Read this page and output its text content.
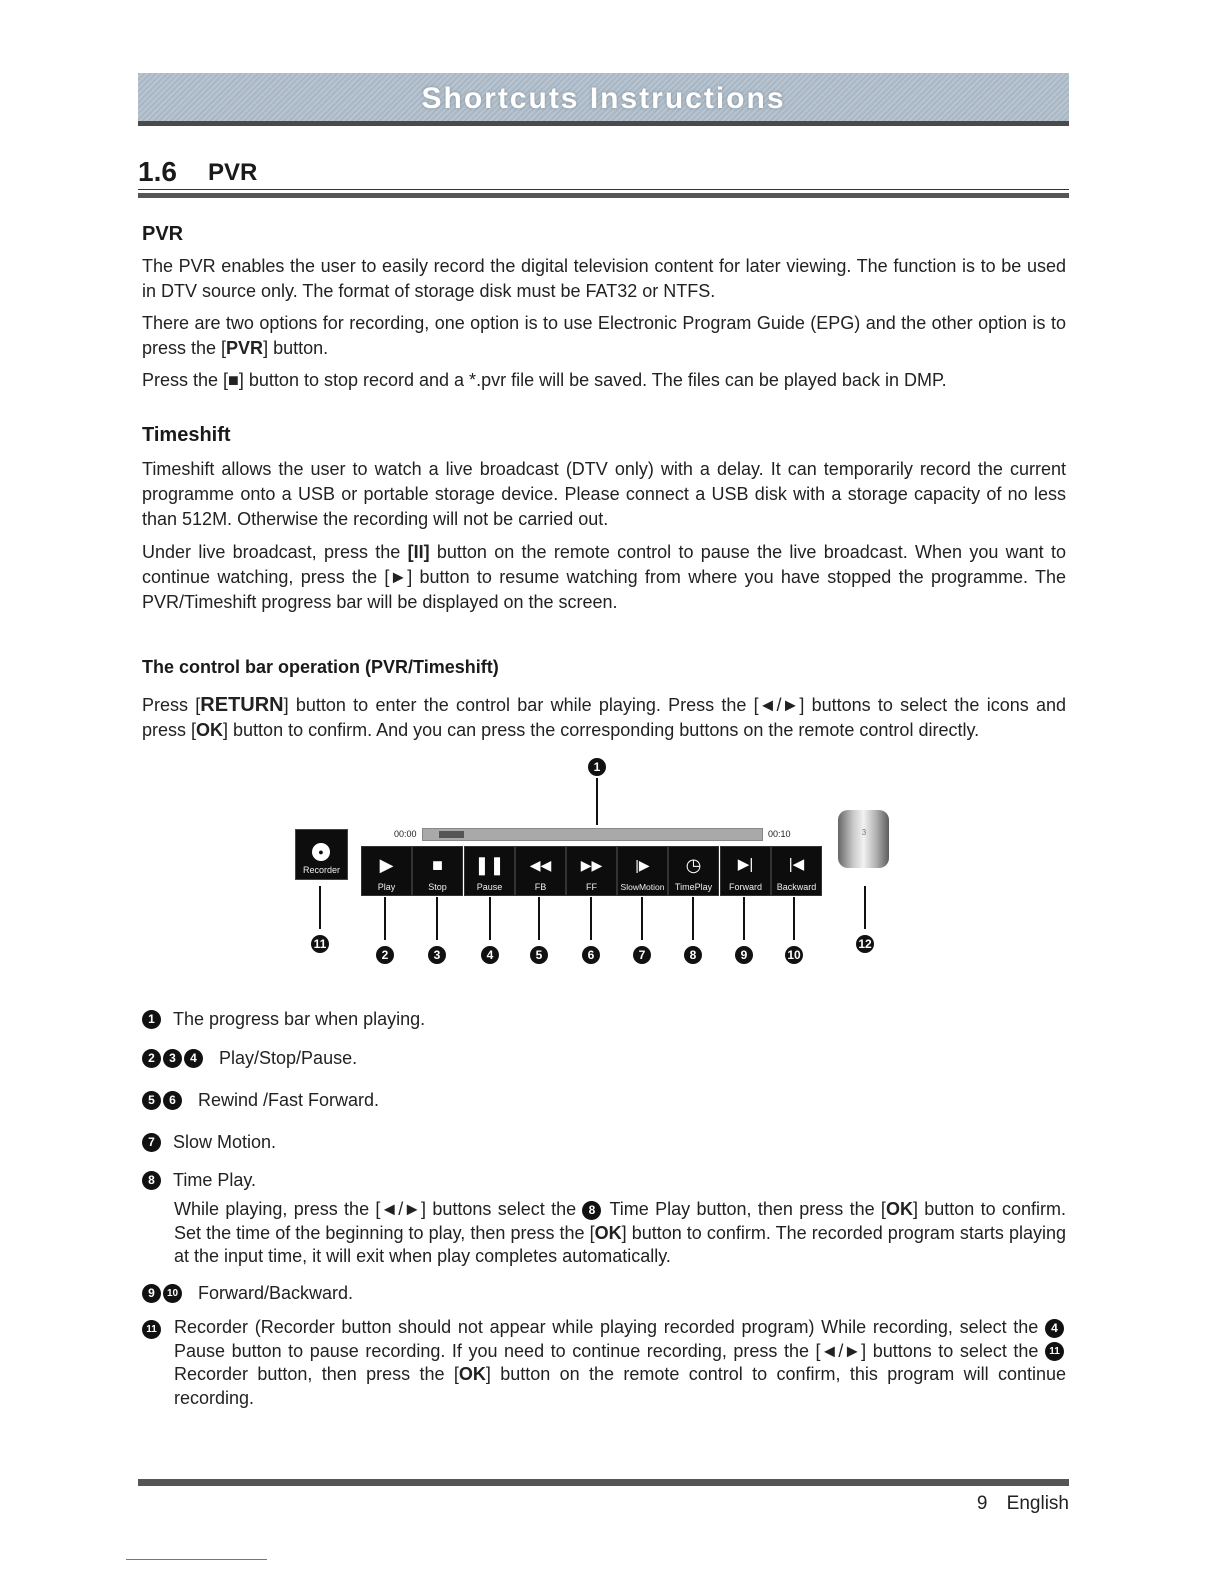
Shortcuts Instructions
1.6 PVR
PVR
The PVR enables the user to easily record the digital television content for later viewing. The function is to be used in DTV source only. The format of storage disk must be FAT32 or NTFS.
There are two options for recording, one option is to use Electronic Program Guide (EPG) and the other option is to press the [PVR] button.
Press the [■] button to stop record and a *.pvr file will be saved. The files can be played back in DMP.
Timeshift
Timeshift allows the user to watch a live broadcast (DTV only) with a delay. It can temporarily record the current programme onto a USB or portable storage device. Please connect a USB disk with a storage capacity of no less than 512M. Otherwise the recording will not be carried out.
Under live broadcast, press the [II] button on the remote control to pause the live broadcast. When you want to continue watching, press the [►] button to resume watching from where you have stopped the programme. The PVR/Timeshift progress bar will be displayed on the screen.
The control bar operation (PVR/Timeshift)
Press [RETURN] button to enter the control bar while playing. Press the [◄/►] buttons to select the icons and press [OK] button to confirm. And you can press the corresponding buttons on the remote control directly.
1
00:00	00:10
●
Recorder	▶
Play
■
Stop
❚❚
Pause
◀◀
FB
▶▶
FF
|▶
SlowMotion
◷
TimePlay
▶|
Forward
|◀
Backward
3
11
2	3	4	5	6	7	8	9	10
12
1 The progress bar when playing.
2 3 4 Play/Stop/Pause.
5 6 Rewind /Fast Forward.
7 Slow Motion.
8 Time Play.
While playing, press the [◄/►] buttons select the 8 Time Play button, then press the [OK] button to confirm. Set the time of the beginning to play, then press the [OK] button to confirm. The recorded program starts playing at the input time, it will exit when play completes automatically.
9 10 Forward/Backward.
11 Recorder (Recorder button should not appear while playing recorded program) While recording, select the 4 Pause button to pause recording. If you need to continue recording, press the [◄/►] buttons to select the 11 Recorder button, then press the [OK] button on the remote control to confirm, this program will continue recording.
9 English
